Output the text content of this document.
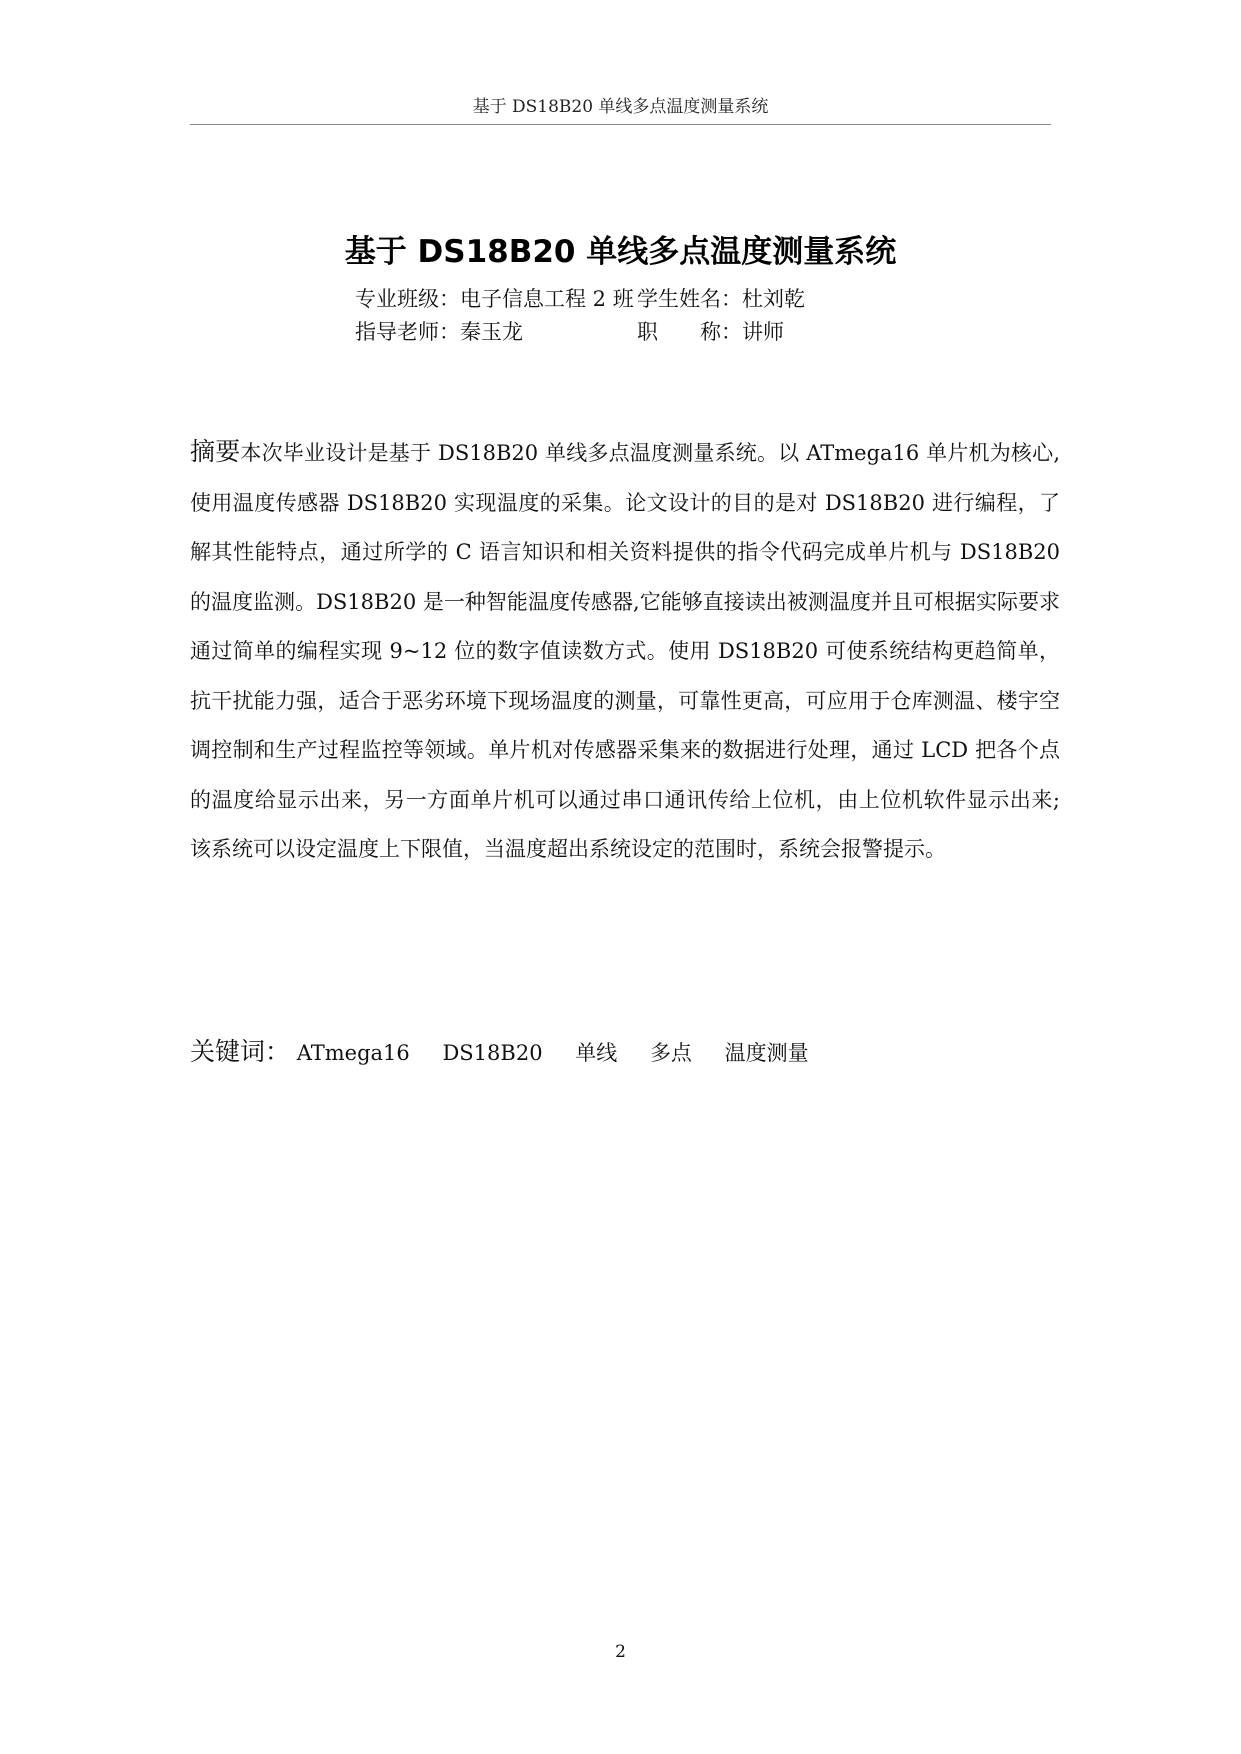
基于 DS18B20 单线多点温度测量系统
基于 DS18B20 单线多点温度测量系统
专业班级： 电子信息工程 2 班 学生姓名： 杜刘乾
指导老师： 秦玉龙	职　　称： 讲师
摘要本次毕业设计是基于 DS18B20 单线多点温度测量系统。以 ATmega16 单片机为核心,使用温度传感器 DS18B20 实现温度的采集。论文设计的目的是对 DS18B20 进行编程，了解其性能特点，通过所学的 C 语言知识和相关资料提供的指令代码完成单片机与 DS18B20 的温度监测。DS18B20 是一种智能温度传感器,它能够直接读出被测温度并且可根据实际要求通过简单的编程实现 9~12 位的数字值读数方式。使用 DS18B20 可使系统结构更趋简单，抗干扰能力强，适合于恶劣环境下现场温度的测量，可靠性更高，可应用于仓库测温、楼宇空调控制和生产过程监控等领域。单片机对传感器采集来的数据进行处理，通过 LCD 把各个点的温度给显示出来，另一方面单片机可以通过串口通讯传给上位机，由上位机软件显示出来; 该系统可以设定温度上下限值，当温度超出系统设定的范围时，系统会报警提示。
关键词： ATmega16 DS18B20 单线 多点 温度测量
2
